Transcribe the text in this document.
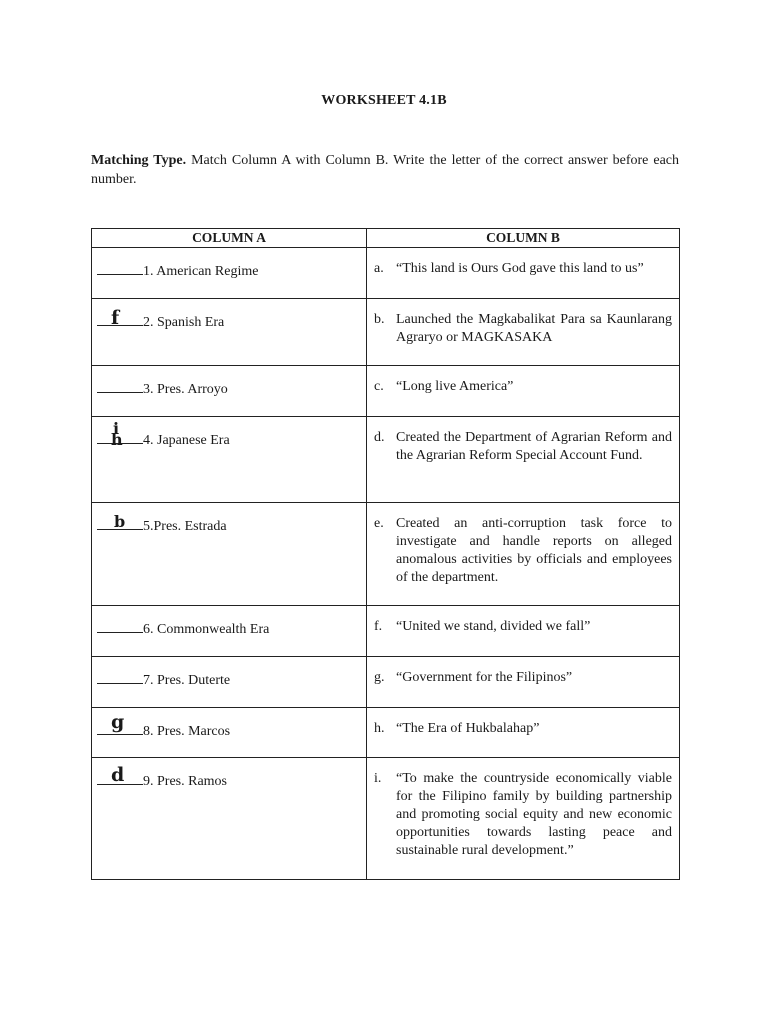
WORKSHEET 4.1B
Matching Type. Match Column A with Column B. Write the letter of the correct answer before each number.
COLUMN A	COLUMN B

1. American Regime	a. “This land is Ours God gave this land to us”

f 2. Spanish Era	b. Launched the Magkabalikat Para sa Kaunlarang Agraryo or MAGKASAKA

3. Pres. Arroyo	c. “Long live America”

i h 4. Japanese Era	d. Created the Department of Agrarian Reform and the Agrarian Reform Special Account Fund.

b 5.Pres. Estrada	e. Created an anti-corruption task force to investigate and handle reports on alleged anomalous activities by officials and employees of the department.

6. Commonwealth Era	f. “United we stand, divided we fall”

7. Pres. Duterte	g. “Government for the Filipinos”

g 8. Pres. Marcos	h. “The Era of Hukbalahap”

d 9. Pres. Ramos	i. “To make the countryside economically viable for the Filipino family by building partnership and promoting social equity and new economic opportunities towards lasting peace and sustainable rural development.”
